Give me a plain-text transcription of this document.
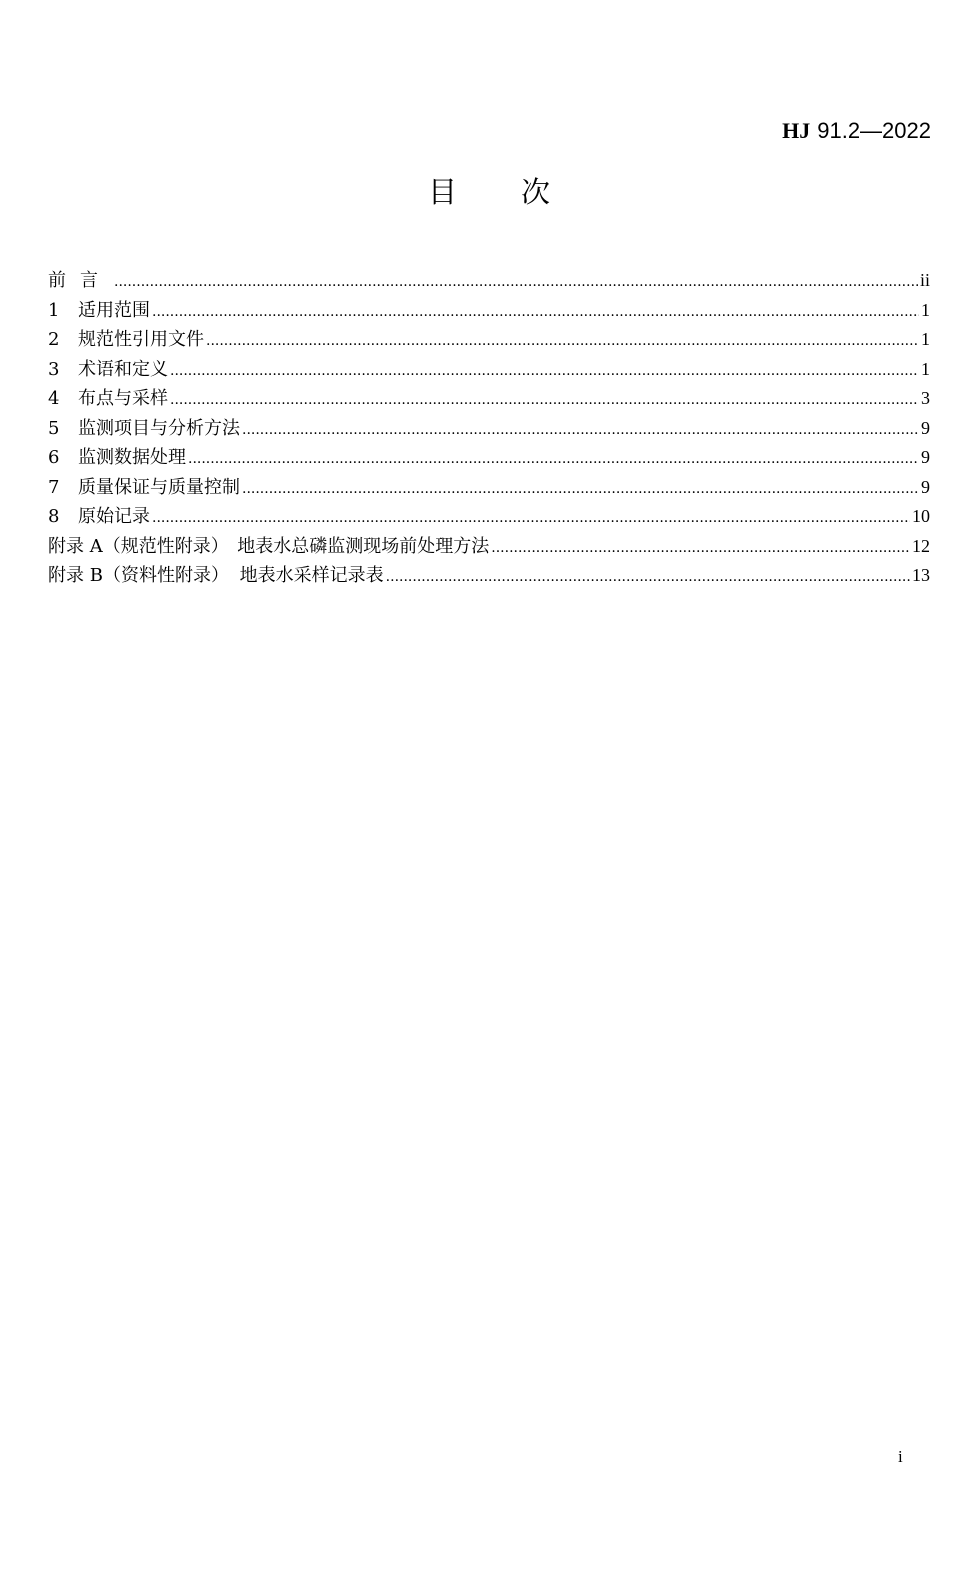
HJ 91.2—2022
目　　次
前言 .....	ii
1	适用范围 .....	1
2	规范性引用文件 .....	1
3	术语和定义 .....	1
4	布点与采样 .....	3
5	监测项目与分析方法 .....	9
6	监测数据处理 .....	9
7	质量保证与质量控制 .....	9
8	原始记录 .....	10
附录 A（规范性附录） 地表水总磷监测现场前处理方法 .....	12
附录 B（资料性附录） 地表水采样记录表 .....	13
i
